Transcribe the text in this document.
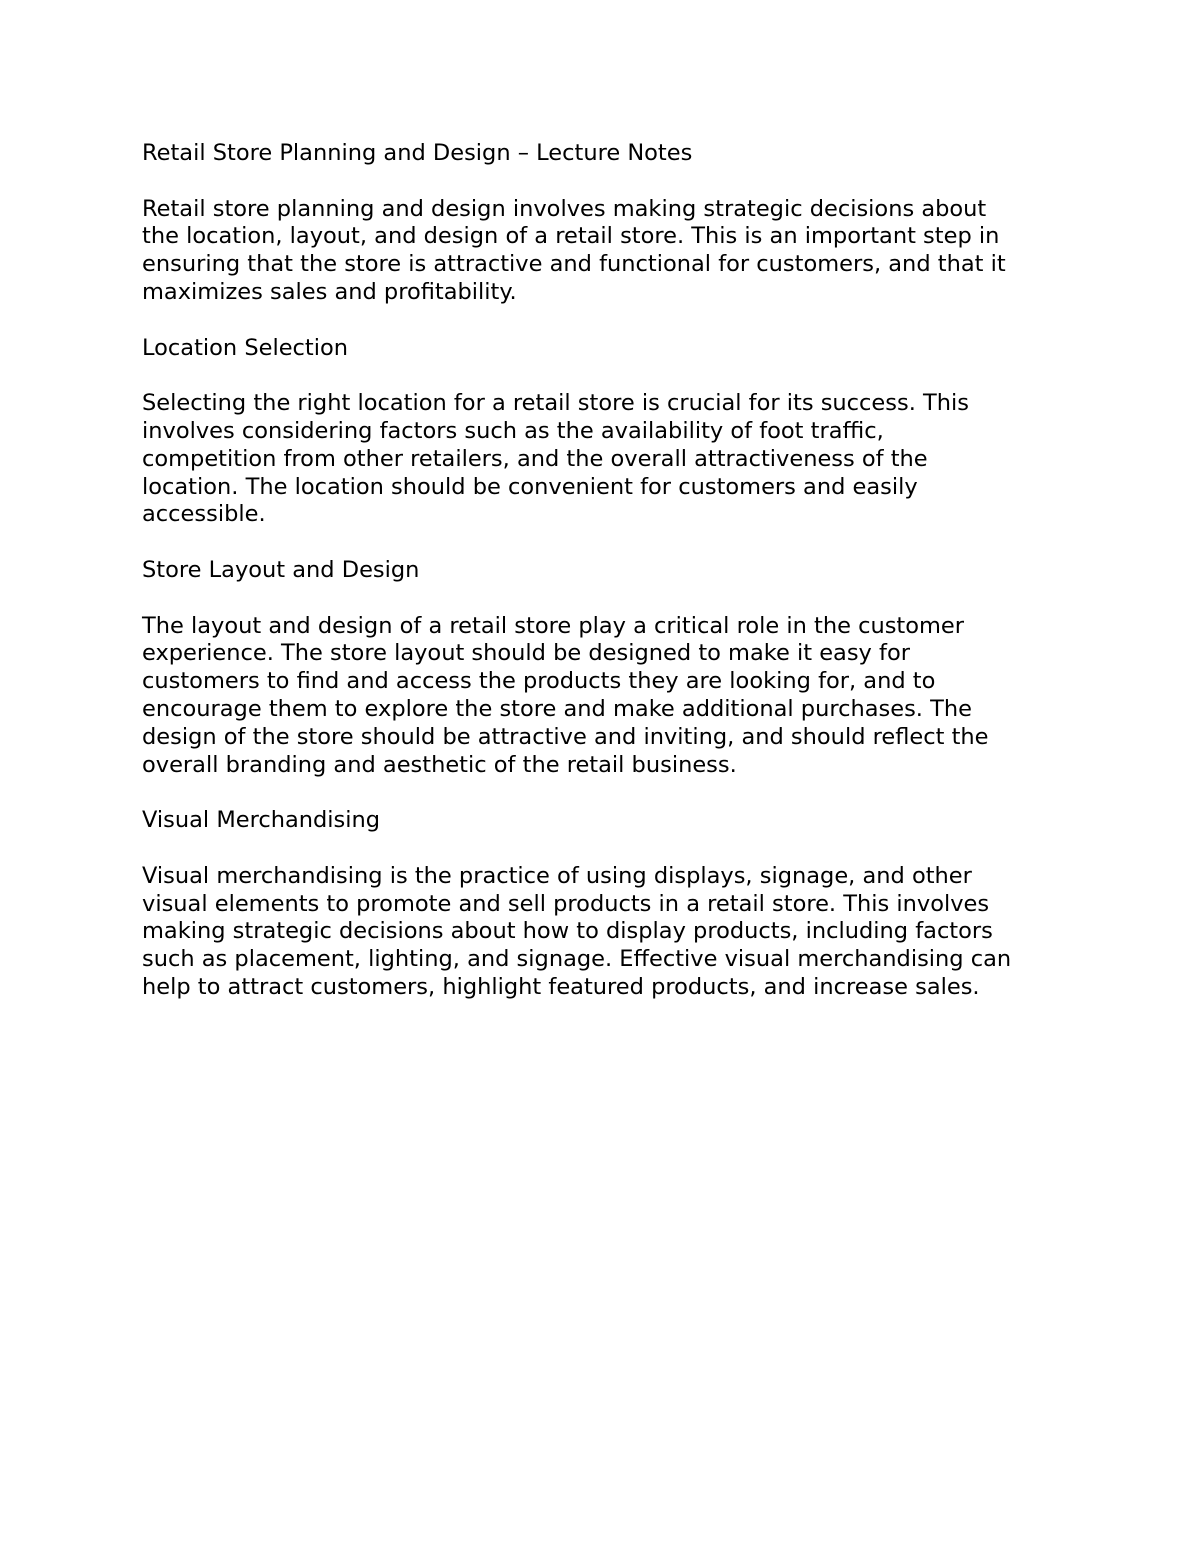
Retail Store Planning and Design – Lecture Notes

Retail store planning and design involves making strategic decisions about
the location, layout, and design of a retail store. This is an important step in
ensuring that the store is attractive and functional for customers, and that it
maximizes sales and profitability.

Location Selection

Selecting the right location for a retail store is crucial for its success. This
involves considering factors such as the availability of foot traffic,
competition from other retailers, and the overall attractiveness of the
location. The location should be convenient for customers and easily
accessible.

Store Layout and Design

The layout and design of a retail store play a critical role in the customer
experience. The store layout should be designed to make it easy for
customers to find and access the products they are looking for, and to
encourage them to explore the store and make additional purchases. The
design of the store should be attractive and inviting, and should reflect the
overall branding and aesthetic of the retail business.

Visual Merchandising

Visual merchandising is the practice of using displays, signage, and other
visual elements to promote and sell products in a retail store. This involves
making strategic decisions about how to display products, including factors
such as placement, lighting, and signage. Effective visual merchandising can
help to attract customers, highlight featured products, and increase sales.
